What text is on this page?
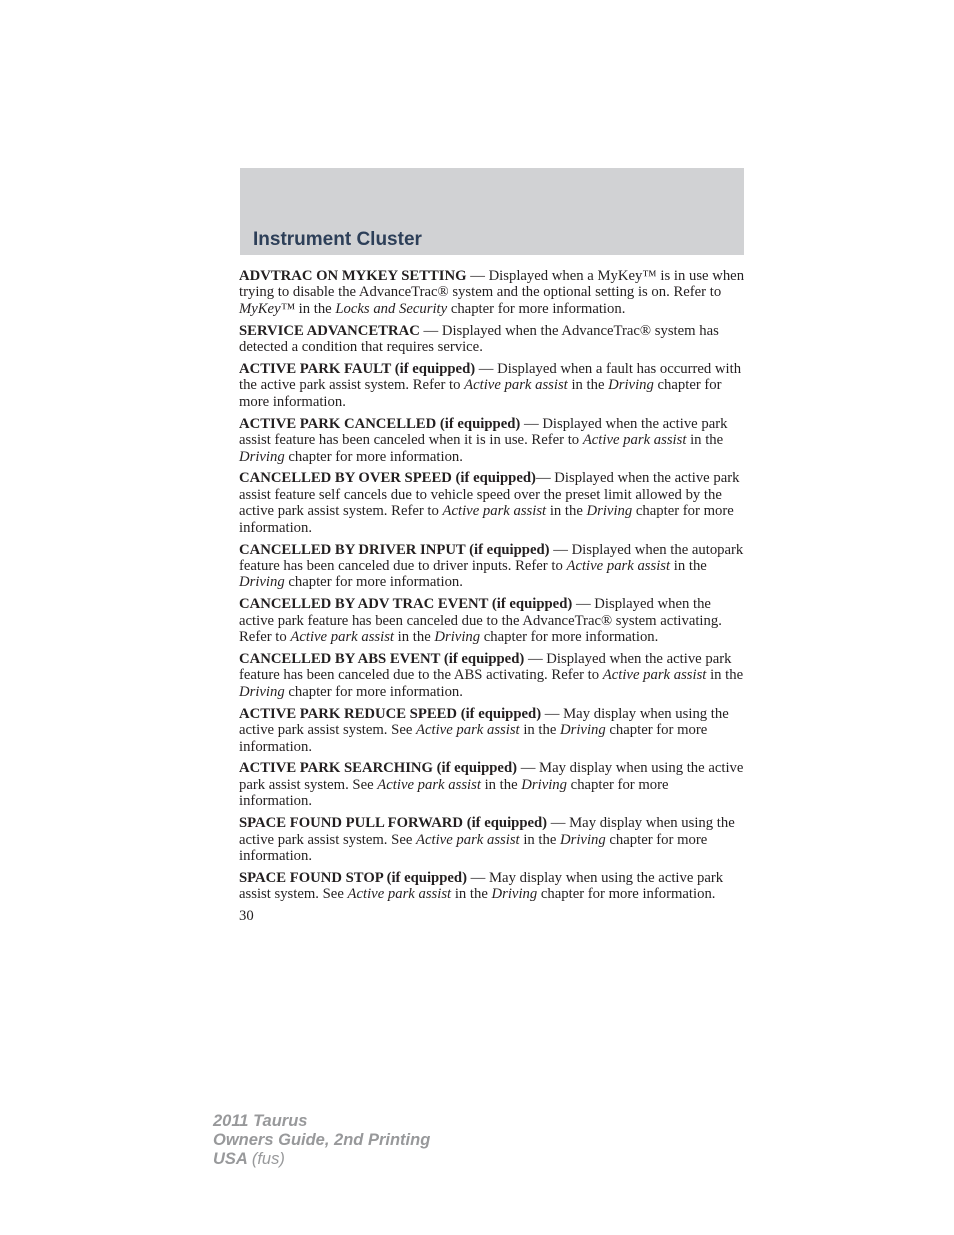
Instrument Cluster

ADVTRAC ON MYKEY SETTING — Displayed when a MyKey™ is in use when trying to disable the AdvanceTrac® system and the optional setting is on. Refer to MyKey™ in the Locks and Security chapter for more information.

SERVICE ADVANCETRAC — Displayed when the AdvanceTrac® system has detected a condition that requires service.

ACTIVE PARK FAULT (if equipped) — Displayed when a fault has occurred with the active park assist system. Refer to Active park assist in the Driving chapter for more information.

ACTIVE PARK CANCELLED (if equipped) — Displayed when the active park assist feature has been canceled when it is in use. Refer to Active park assist in the Driving chapter for more information.

CANCELLED BY OVER SPEED (if equipped)— Displayed when the active park assist feature self cancels due to vehicle speed over the preset limit allowed by the active park assist system. Refer to Active park assist in the Driving chapter for more information.

CANCELLED BY DRIVER INPUT (if equipped) — Displayed when the autopark feature has been canceled due to driver inputs. Refer to Active park assist in the Driving chapter for more information.

CANCELLED BY ADV TRAC EVENT (if equipped) — Displayed when the active park feature has been canceled due to the AdvanceTrac® system activating. Refer to Active park assist in the Driving chapter for more information.

CANCELLED BY ABS EVENT (if equipped) — Displayed when the active park feature has been canceled due to the ABS activating. Refer to Active park assist in the Driving chapter for more information.

ACTIVE PARK REDUCE SPEED (if equipped) — May display when using the active park assist system. See Active park assist in the Driving chapter for more information.

ACTIVE PARK SEARCHING (if equipped) — May display when using the active park assist system. See Active park assist in the Driving chapter for more information.

SPACE FOUND PULL FORWARD (if equipped) — May display when using the active park assist system. See Active park assist in the Driving chapter for more information.

SPACE FOUND STOP (if equipped) — May display when using the active park assist system. See Active park assist in the Driving chapter for more information.

30

2011 Taurus
Owners Guide, 2nd Printing
USA (fus)
